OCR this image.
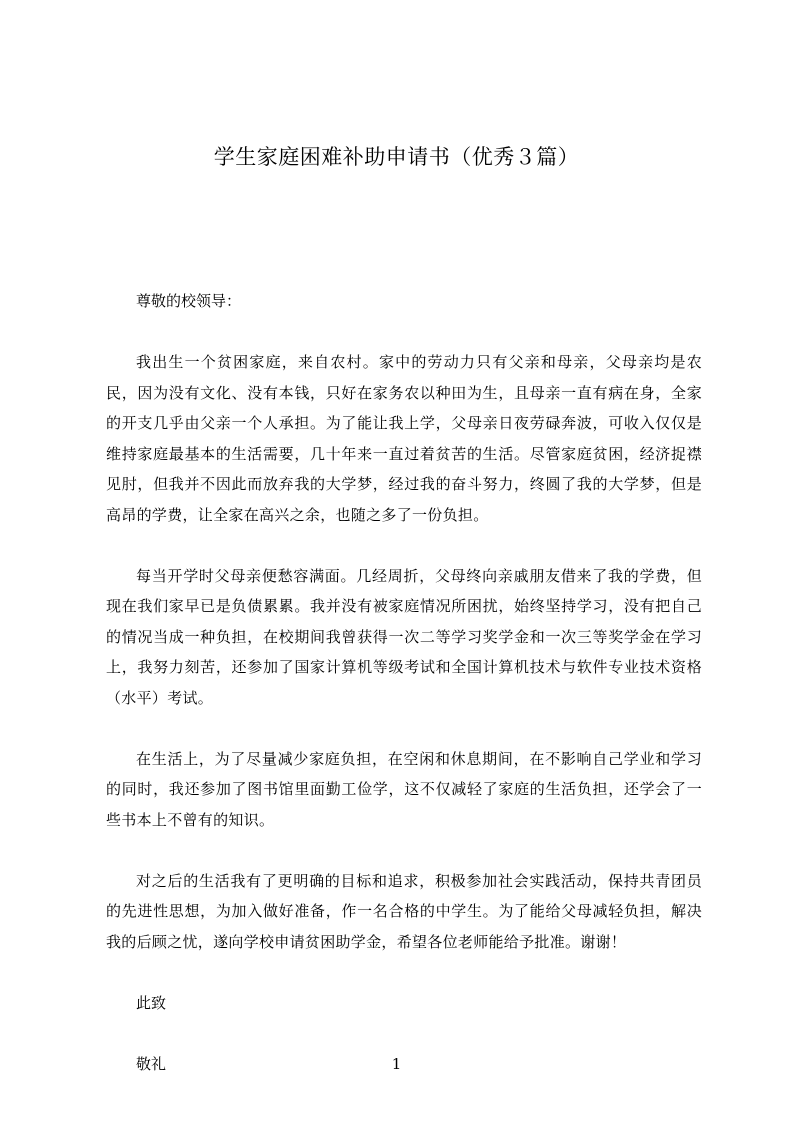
学生家庭困难补助申请书（优秀３篇）

尊敬的校领导：

我出生一个贫困家庭，来自农村。家中的劳动力只有父亲和母亲，父母亲均是农民，因为没有文化、没有本钱，只好在家务农以种田为生，且母亲一直有病在身，全家的开支几乎由父亲一个人承担。为了能让我上学，父母亲日夜劳碌奔波，可收入仅仅是维持家庭最基本的生活需要，几十年来一直过着贫苦的生活。尽管家庭贫困，经济捉襟见肘，但我并不因此而放弃我的大学梦，经过我的奋斗努力，终圆了我的大学梦，但是高昂的学费，让全家在高兴之余，也随之多了一份负担。

每当开学时父母亲便愁容满面。几经周折，父母终向亲戚朋友借来了我的学费，但现在我们家早已是负债累累。我并没有被家庭情况所困扰，始终坚持学习，没有把自己的情况当成一种负担，在校期间我曾获得一次二等学习奖学金和一次三等奖学金在学习上，我努力刻苦，还参加了国家计算机等级考试和全国计算机技术与软件专业技术资格（水平）考试。

在生活上，为了尽量减少家庭负担，在空闲和休息期间，在不影响自己学业和学习的同时，我还参加了图书馆里面勤工俭学，这不仅减轻了家庭的生活负担，还学会了一些书本上不曾有的知识。

对之后的生活我有了更明确的目标和追求，积极参加社会实践活动，保持共青团员的先进性思想，为加入做好准备，作一名合格的中学生。为了能给父母减轻负担，解决我的后顾之忧，遂向学校申请贫困助学金，希望各位老师能给予批准。谢谢！

此致

敬礼	1
